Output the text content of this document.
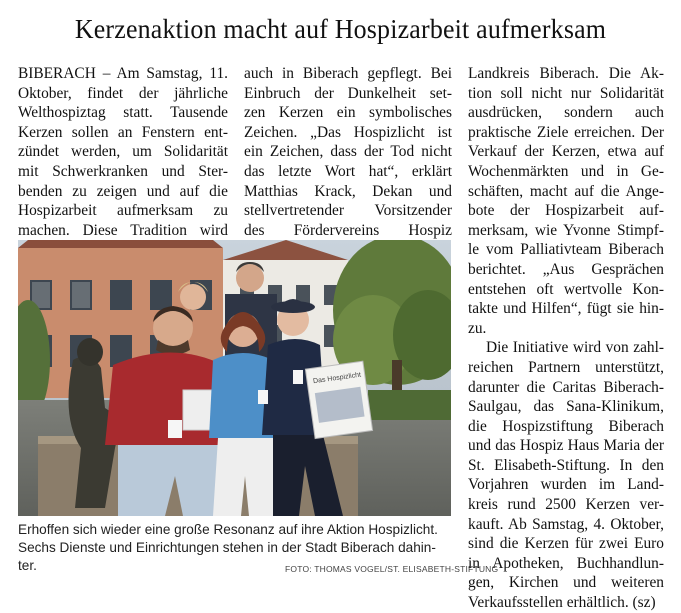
Kerzenaktion macht auf Hospizarbeit aufmerksam

BIBERACH – Am Samstag, 11.
Oktober, findet der jährliche
Welthospiztag statt. Tausende
Kerzen sollen an Fenstern ent-
zündet werden, um Solidarität
mit Schwerkranken und Ster-
benden zu zeigen und auf die
Hospizarbeit aufmerksam zu
machen. Diese Tradition wird

auch in Biberach gepflegt. Bei
Einbruch der Dunkelheit set-
zen Kerzen ein symbolisches
Zeichen. „Das Hospizlicht ist
ein Zeichen, dass der Tod nicht
das letzte Wort hat“, erklärt
Matthias Krack, Dekan und
stellvertretender Vorsitzender
des Fördervereins Hospiz

Landkreis Biberach. Die Ak-
tion soll nicht nur Solidarität
ausdrücken, sondern auch
praktische Ziele erreichen. Der
Verkauf der Kerzen, etwa auf
Wochenmärkten und in Ge-
schäften, macht auf die Ange-
bote der Hospizarbeit auf-
merksam, wie Yvonne Stimpf-
le vom Palliativteam Biberach
berichtet. „Aus Gesprächen
entstehen oft wertvolle Kon-
takte und Hilfen“, fügt sie hin-
zu.

Die Initiative wird von zahl-
reichen Partnern unterstützt,
darunter die Caritas Biberach-
Saulgau, das Sana-Klinikum,
die Hospizstiftung Biberach
und das Hospiz Haus Maria der
St. Elisabeth-Stiftung. In den
Vorjahren wurden im Land-
kreis rund 2500 Kerzen ver-
kauft. Ab Samstag, 4. Oktober,
sind die Kerzen für zwei Euro
in Apotheken, Buchhandlun-
gen, Kirchen und weiteren
Verkaufsstellen erhältlich. (sz)

Das Hospizlicht
Erhoffen sich wieder eine große Resonanz auf ihre Aktion Hospizlicht.
Sechs Dienste und Einrichtungen stehen in der Stadt Biberach dahin-
ter.	FOTO: THOMAS VOGEL/ST. ELISABETH-STIFTUNG
